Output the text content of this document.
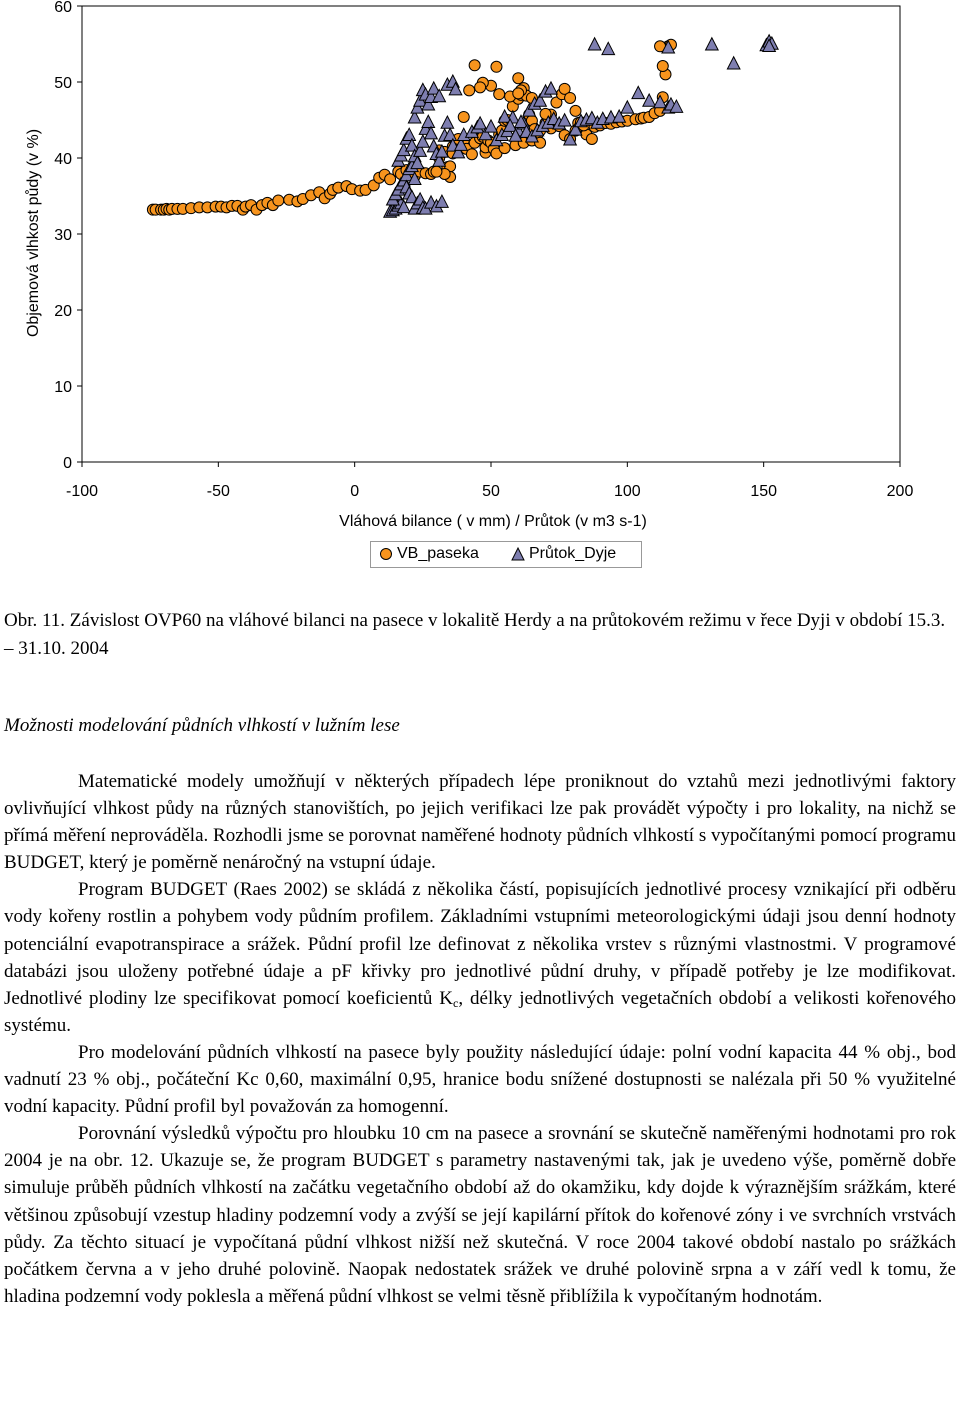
0
10
20
30
40
50
60
-100	-50	0	50	100	150	200
Objemová vlhkost půdy (v %)
Vláhová bilance ( v mm) / Průtok (v m3 s-1)
VB_paseka	Průtok_Dyje
Obr. 11. Závislost OVP60 na vláhové bilanci na pasece v lokalitě Herdy a na průtokovém režimu v řece Dyji v období 15.3. – 31.10. 2004
Možnosti modelování půdních vlhkostí v lužním lese

Matematické modely umožňují v některých případech lépe proniknout do vztahů mezi jednotlivými faktory ovlivňující vlhkost půdy na různých stanovištích, po jejich verifikaci lze pak provádět výpočty i pro lokality, na nichž se přímá měření neprováděla. Rozhodli jsme se porovnat naměřené hodnoty půdních vlhkostí s vypočítanými pomocí programu BUDGET, který je poměrně nenáročný na vstupní údaje.

Program BUDGET (Raes 2002) se skládá z několika částí, popisujících jednotlivé procesy vznikající při odběru vody kořeny rostlin a pohybem vody půdním profilem. Základními vstupními meteorologickými údaji jsou denní hodnoty potenciální evapotranspirace a srážek. Půdní profil lze definovat z několika vrstev s různými vlastnostmi. V programové databázi jsou uloženy potřebné údaje a pF křivky pro jednotlivé půdní druhy, v případě potřeby je lze modifikovat. Jednotlivé plodiny lze specifikovat pomocí koeficientů $K_c$, délky jednotlivých vegetačních období a velikosti kořenového systému.

Pro modelování půdních vlhkostí na pasece byly použity následující údaje: polní vodní kapacita 44 % obj., bod vadnutí 23 % obj., počáteční Kc 0,60, maximální 0,95, hranice bodu snížené dostupnosti se nalézala při 50 % využitelné vodní kapacity. Půdní profil byl považován za homogenní.

Porovnání výsledků výpočtu pro hloubku 10 cm na pasece a srovnání se skutečně naměřenými hodnotami pro rok 2004 je na obr. 12. Ukazuje se, že program BUDGET s parametry nastavenými tak, jak je uvedeno výše, poměrně dobře simuluje průběh půdních vlhkostí na začátku vegetačního období až do okamžiku, kdy dojde k výraznějším srážkám, které většinou způsobují vzestup hladiny podzemní vody a zvýší se její kapilární přítok do kořenové zóny i ve svrchních vrstvách půdy. Za těchto situací je vypočítaná půdní vlhkost nižší než skutečná. V roce 2004 takové období nastalo po srážkách počátkem června a v jeho druhé polovině. Naopak nedostatek srážek ve druhé polovině srpna a v září vedl k tomu, že hladina podzemní vody poklesla a měřená půdní vlhkost se velmi těsně přiblížila k vypočítaným hodnotám.
